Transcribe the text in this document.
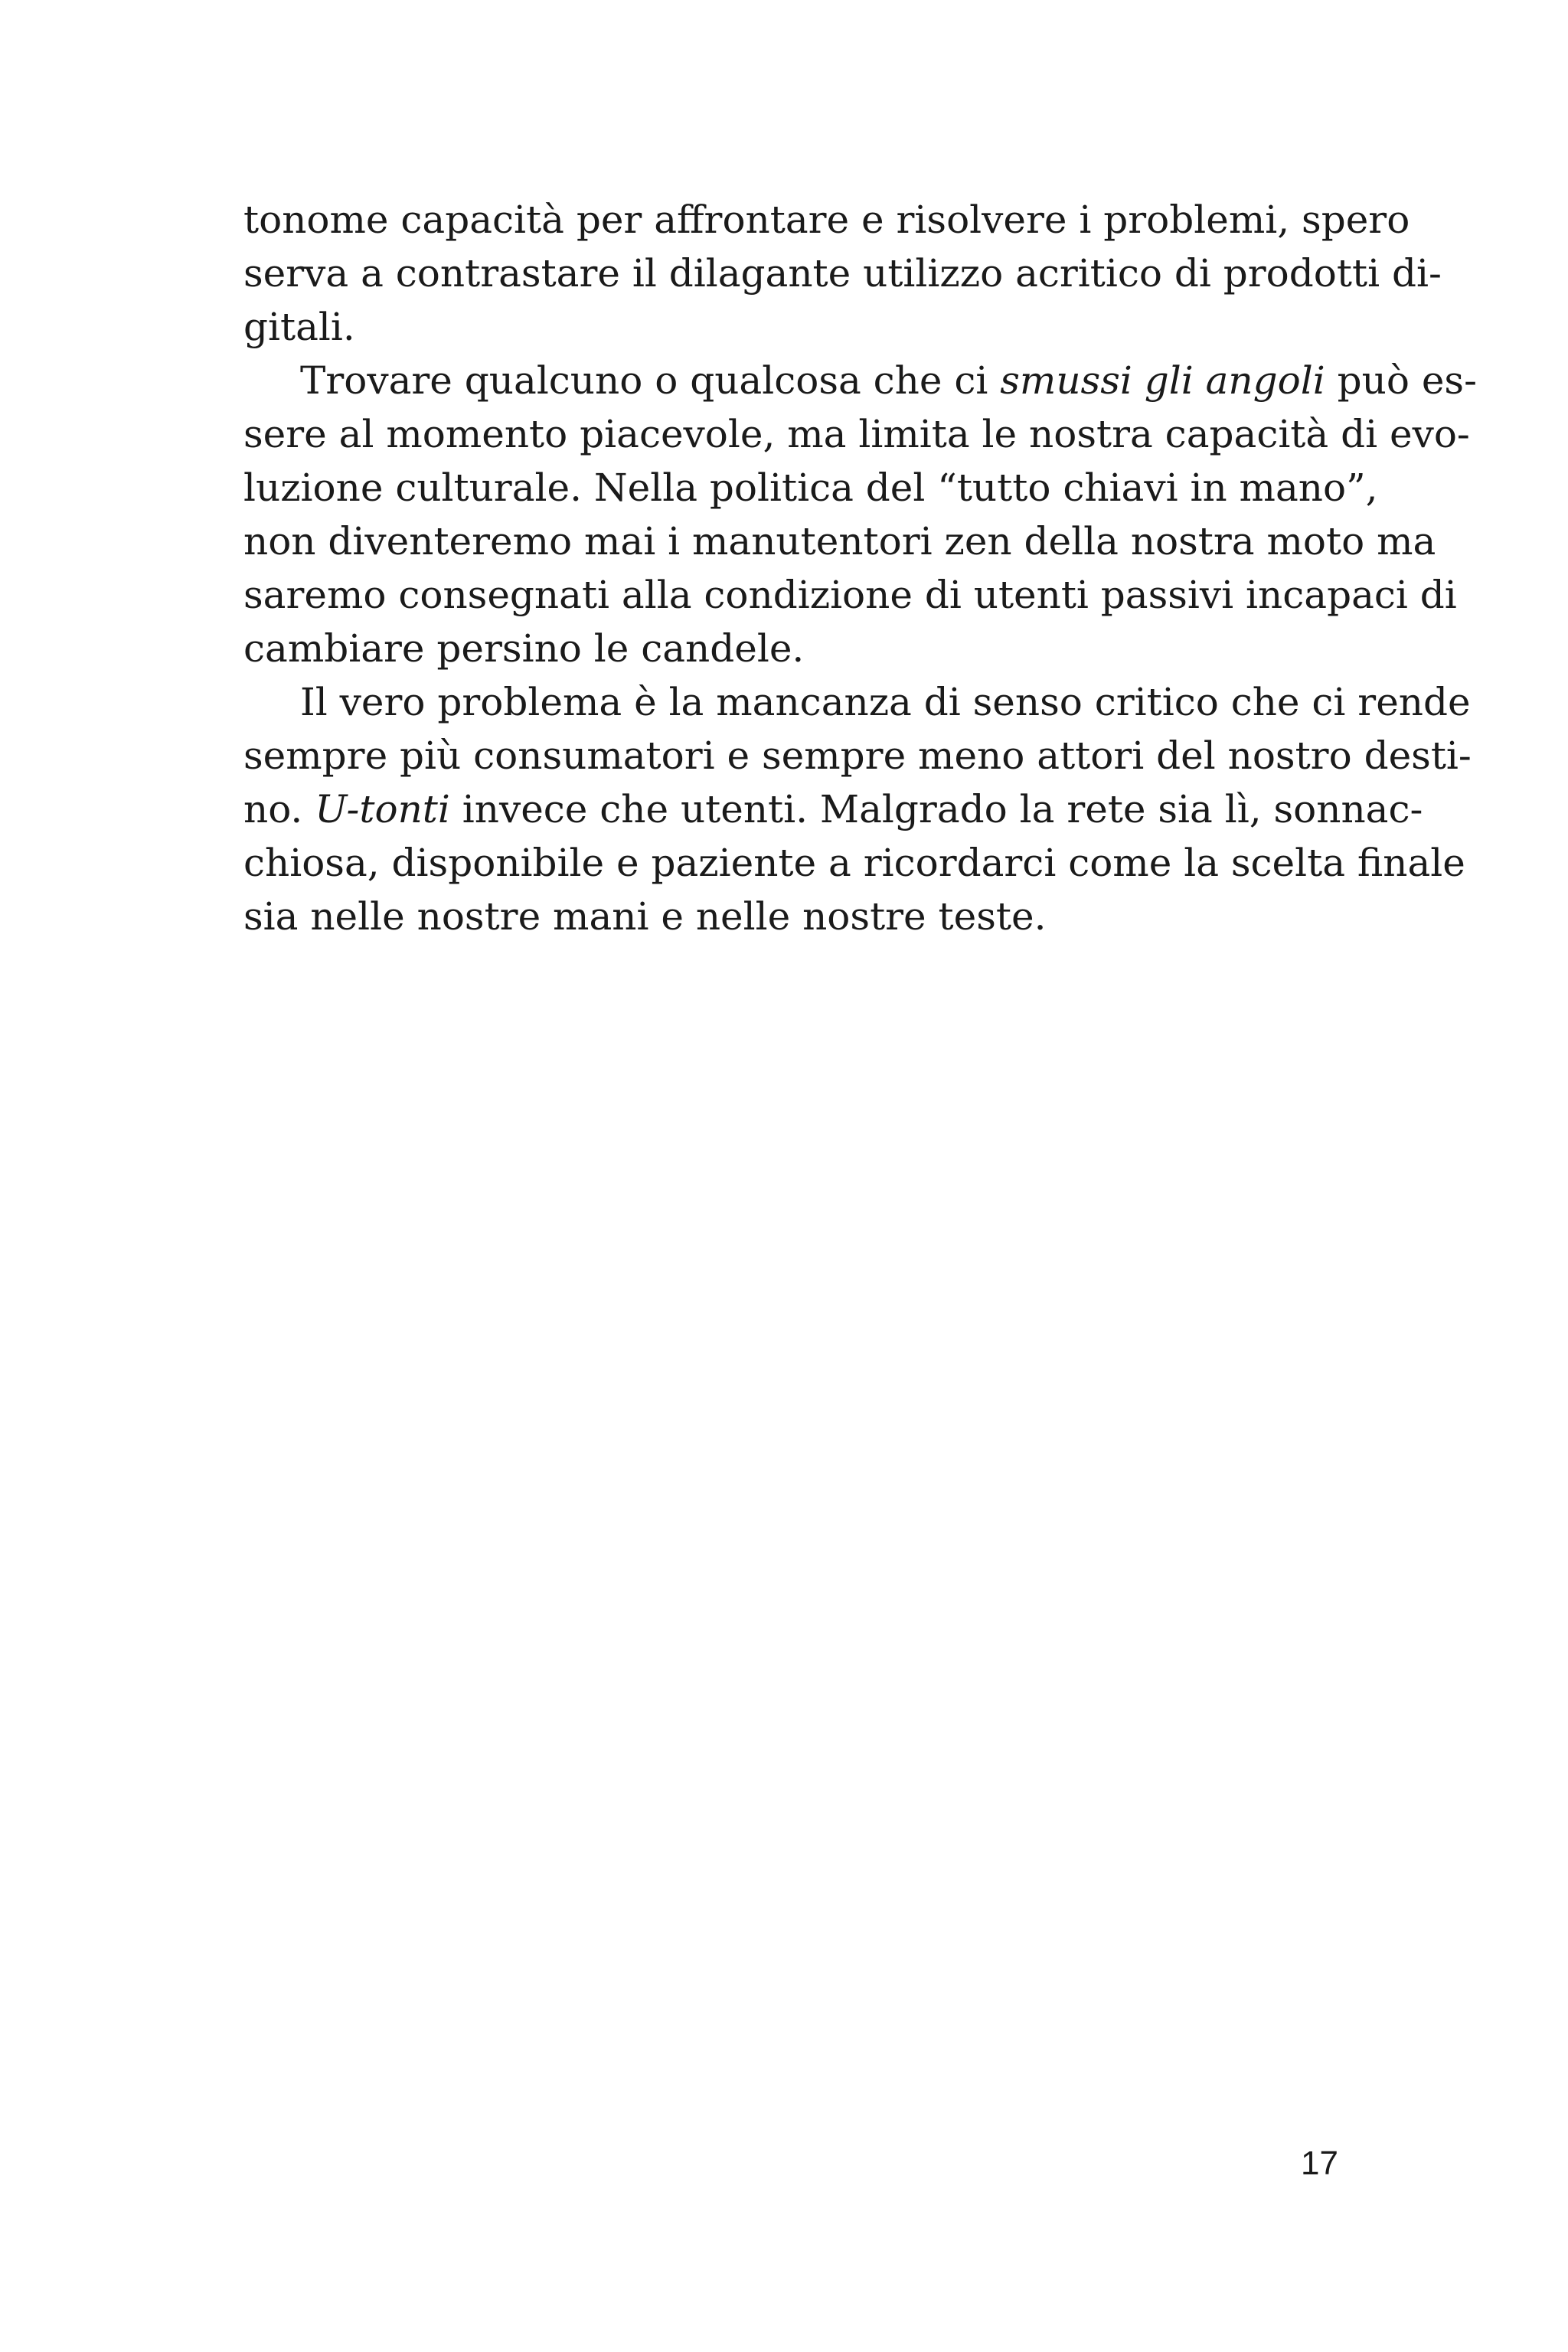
tonome capacità per affrontare e risolvere i problemi, spero
serva a contrastare il dilagante utilizzo acritico di prodotti di-
gitali.
Trovare qualcuno o qualcosa che ci smussi gli angoli può es-
sere al momento piacevole, ma limita le nostra capacità di evo-
luzione culturale. Nella politica del “tutto chiavi in mano”,
non diventeremo mai i manutentori zen della nostra moto ma
saremo consegnati alla condizione di utenti passivi incapaci di
cambiare persino le candele.
Il vero problema è la mancanza di senso critico che ci rende
sempre più consumatori e sempre meno attori del nostro desti-
no. U-tonti invece che utenti. Malgrado la rete sia lì, sonnac-
chiosa, disponibile e paziente a ricordarci come la scelta finale
sia nelle nostre mani e nelle nostre teste.
17
